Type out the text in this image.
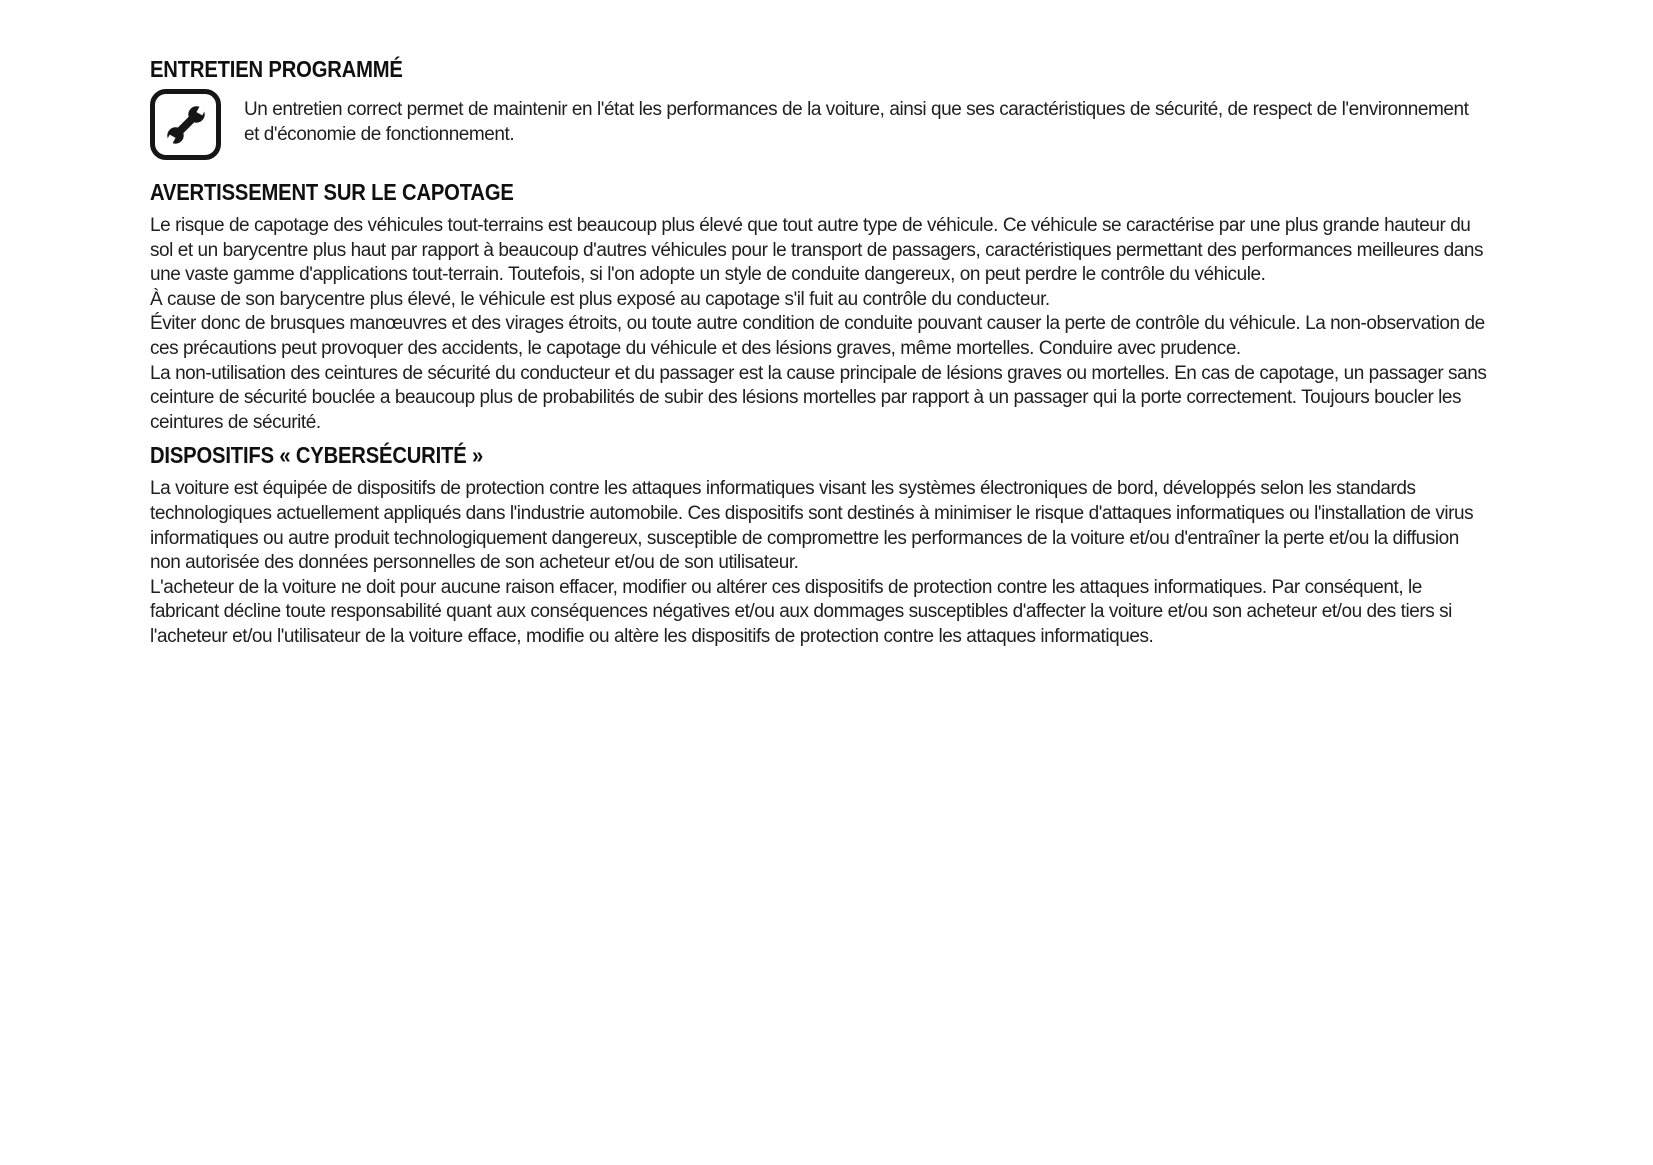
ENTRETIEN PROGRAMMÉ

Un entretien correct permet de maintenir en l'état les performances de la voiture, ainsi que ses caractéristiques de sécurité, de respect de l'environnement et d'économie de fonctionnement.

AVERTISSEMENT SUR LE CAPOTAGE

Le risque de capotage des véhicules tout-terrains est beaucoup plus élevé que tout autre type de véhicule. Ce véhicule se caractérise par une plus grande hauteur du sol et un barycentre plus haut par rapport à beaucoup d'autres véhicules pour le transport de passagers, caractéristiques permettant des performances meilleures dans une vaste gamme d'applications tout-terrain. Toutefois, si l'on adopte un style de conduite dangereux, on peut perdre le contrôle du véhicule.

À cause de son barycentre plus élevé, le véhicule est plus exposé au capotage s'il fuit au contrôle du conducteur.

Éviter donc de brusques manœuvres et des virages étroits, ou toute autre condition de conduite pouvant causer la perte de contrôle du véhicule. La non-observation de ces précautions peut provoquer des accidents, le capotage du véhicule et des lésions graves, même mortelles. Conduire avec prudence.

La non-utilisation des ceintures de sécurité du conducteur et du passager est la cause principale de lésions graves ou mortelles. En cas de capotage, un passager sans ceinture de sécurité bouclée a beaucoup plus de probabilités de subir des lésions mortelles par rapport à un passager qui la porte correctement. Toujours boucler les ceintures de sécurité.

DISPOSITIFS « CYBERSÉCURITÉ »

La voiture est équipée de dispositifs de protection contre les attaques informatiques visant les systèmes électroniques de bord, développés selon les standards technologiques actuellement appliqués dans l'industrie automobile. Ces dispositifs sont destinés à minimiser le risque d'attaques informatiques ou l'installation de virus informatiques ou autre produit technologiquement dangereux, susceptible de compromettre les performances de la voiture et/ou d'entraîner la perte et/ou la diffusion non autorisée des données personnelles de son acheteur et/ou de son utilisateur.

L'acheteur de la voiture ne doit pour aucune raison effacer, modifier ou altérer ces dispositifs de protection contre les attaques informatiques. Par conséquent, le fabricant décline toute responsabilité quant aux conséquences négatives et/ou aux dommages susceptibles d'affecter la voiture et/ou son acheteur et/ou des tiers si l'acheteur et/ou l'utilisateur de la voiture efface, modifie ou altère les dispositifs de protection contre les attaques informatiques.
